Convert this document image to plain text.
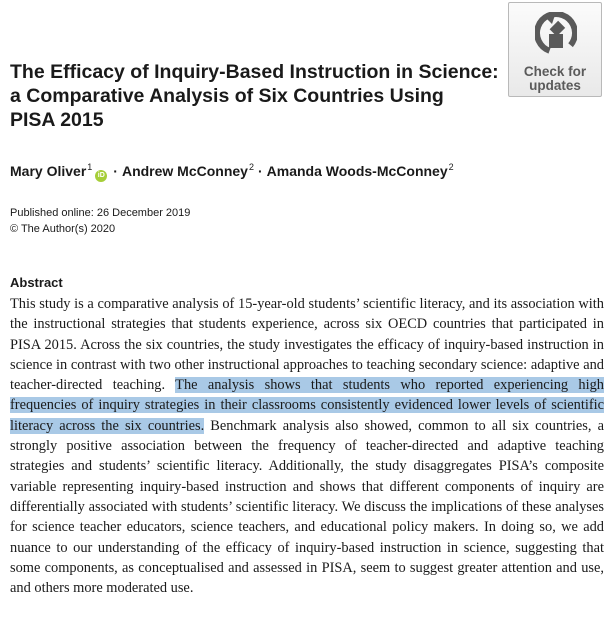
The Efficacy of Inquiry-Based Instruction in Science:
a Comparative Analysis of Six Countries Using
PISA 2015
Check for
updates
Mary Oliver$^1$iD · Andrew McConney$^2$ · Amanda Woods-McConney$^2$
Published online: 26 December 2019
© The Author(s) 2020
Abstract

This study is a comparative analysis of 15-year-old students’ scientific literacy, and its association with the instructional strategies that students experience, across six OECD countries that participated in PISA 2015. Across the six countries, the study investigates the efficacy of inquiry-based instruction in science in contrast with two other instructional approaches to teaching secondary science: adaptive and teacher-directed teaching. The analysis shows that students who reported experiencing high frequencies of inquiry strategies in their classrooms consistently evidenced lower levels of scientific literacy across the six countries. Benchmark analysis also showed, common to all six countries, a strongly positive association between the frequency of teacher-directed and adaptive teaching strategies and students’ scientific literacy. Additionally, the study disaggregates PISA’s composite variable representing inquiry-based instruction and shows that different components of inquiry are differentially associated with students’ scientific literacy. We discuss the implications of these analyses for science teacher educators, science teachers, and educational policy makers. In doing so, we add nuance to our understanding of the efficacy of inquiry-based instruction in science, suggesting that some components, as conceptualised and assessed in PISA, seem to suggest greater attention and use, and others more moderated use.
